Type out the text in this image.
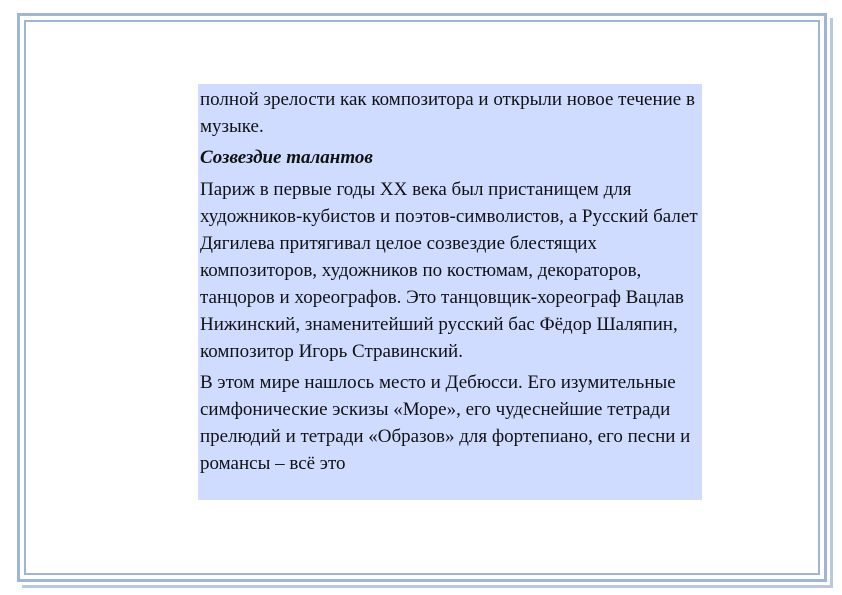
полной зрелости как композитора и открыли новое течение в музыке.

Созвездие талантов

Париж в первые годы XX века был пристанищем для художников-кубистов и поэтов-символистов, а Русский балет Дягилева притягивал целое созвездие блестящих композиторов, художников по костюмам, декораторов, танцоров и хореографов. Это танцовщик-хореограф Вацлав Нижинский, знаменитейший русский бас Фёдор Шаляпин, композитор Игорь Стравинский.

В этом мире нашлось место и Дебюсси. Его изумительные симфонические эскизы «Море», его чудеснейшие тетради прелюдий и тетради «Образов» для фортепиано, его песни и романсы – всё это
